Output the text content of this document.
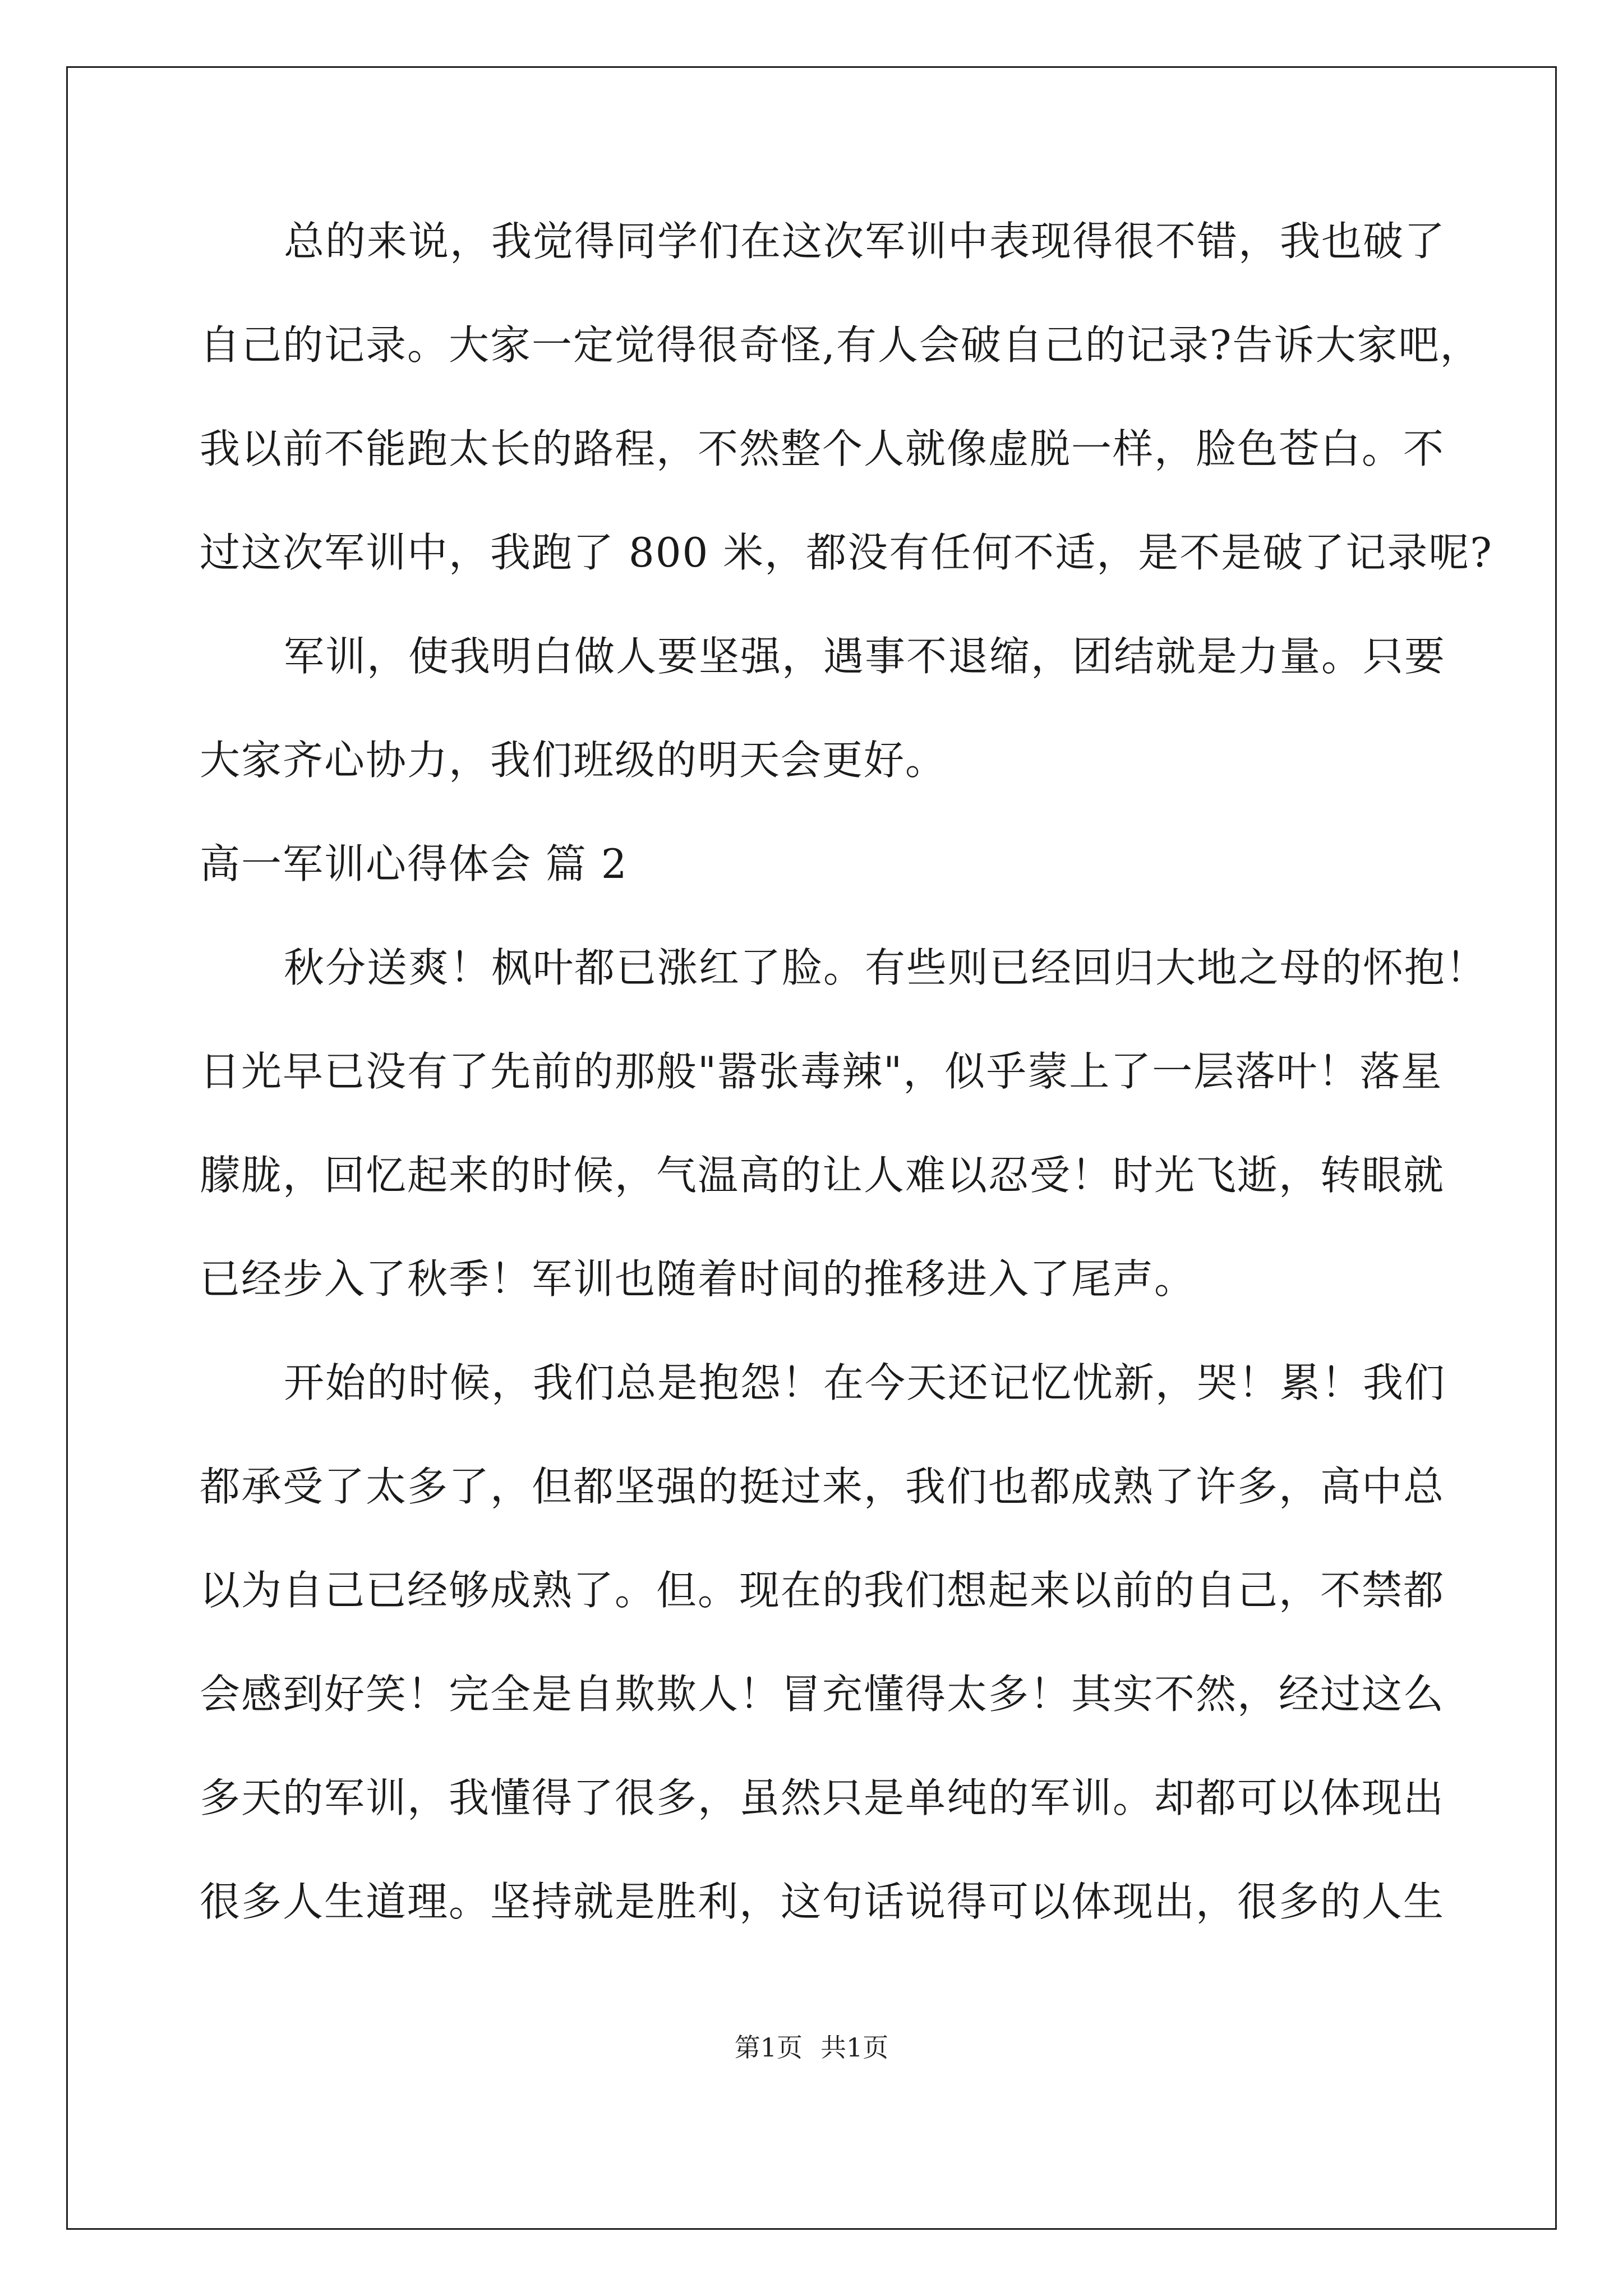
总的来说，我觉得同学们在这次军训中表现得很不错，我也破了
自己的记录。大家一定觉得很奇怪,有人会破自己的记录?告诉大家吧，
我以前不能跑太长的路程，不然整个人就像虚脱一样，脸色苍白。不
过这次军训中，我跑了 800 米，都没有任何不适，是不是破了记录呢?
军训，使我明白做人要坚强，遇事不退缩，团结就是力量。只要
大家齐心协力，我们班级的明天会更好。
高一军训心得体会 篇 2
秋分送爽！枫叶都已涨红了脸。有些则已经回归大地之母的怀抱！
日光早已没有了先前的那般"嚣张毒辣"，似乎蒙上了一层落叶！落星
朦胧，回忆起来的时候，气温高的让人难以忍受！时光飞逝，转眼就
已经步入了秋季！军训也随着时间的推移进入了尾声。
开始的时候，我们总是抱怨！在今天还记忆忧新，哭！累！我们
都承受了太多了，但都坚强的挺过来，我们也都成熟了许多，高中总
以为自己已经够成熟了。但。现在的我们想起来以前的自己，不禁都
会感到好笑！完全是自欺欺人！冒充懂得太多！其实不然，经过这么
多天的军训，我懂得了很多，虽然只是单纯的军训。却都可以体现出
很多人生道理。坚持就是胜利，这句话说得可以体现出，很多的人生
第1页 共1页
